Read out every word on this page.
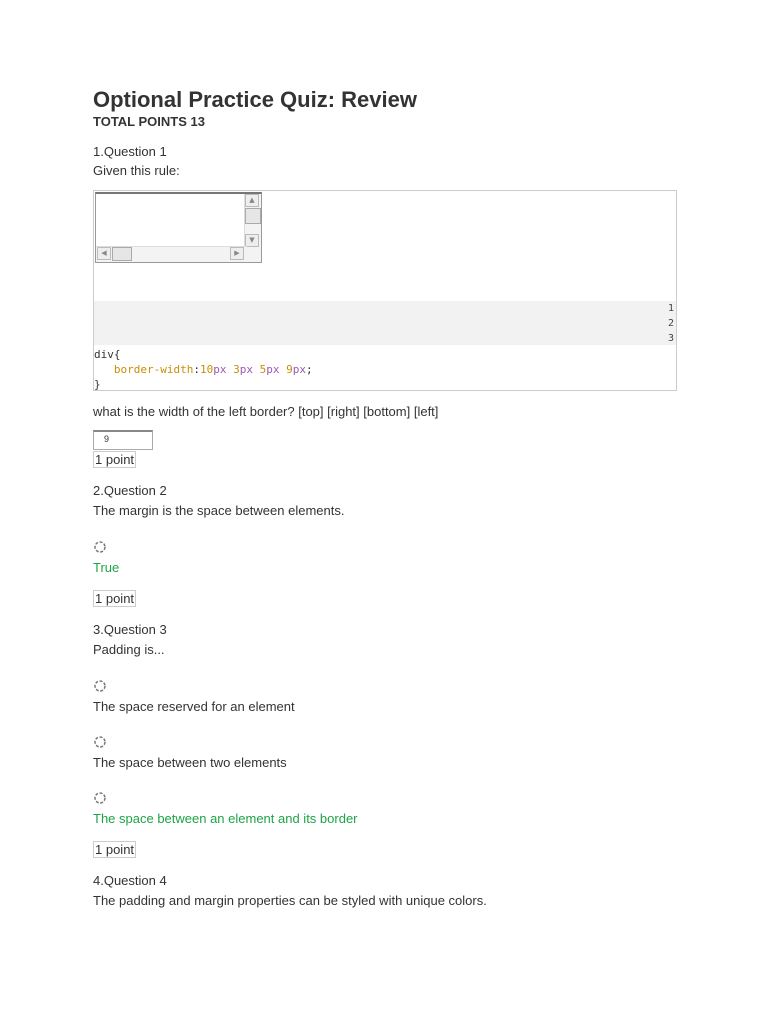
Optional Practice Quiz: Review
TOTAL POINTS 13
1.Question 1
Given this rule:
▲
▼
◀	▶
1
2
3
div{
border-width:10px 3px 5px 9px;
}
what is the width of the left border? [top] [right] [bottom] [left]
9
1 point
2.Question 2
The margin is the space between elements.
True
1 point
3.Question 3
Padding is...
The space reserved for an element
The space between two elements
The space between an element and its border
1 point
4.Question 4
The padding and margin properties can be styled with unique colors.
